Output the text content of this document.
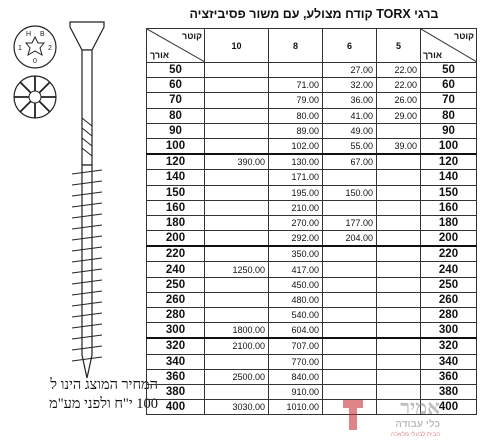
ברגי TORX קודח מצולע, עם משור פסיביזציה
H B
1	2
0
המחיר המוצג הינו ל
100 י"ח ולפני מע"מ
קוטר
אורך	10	8	6	5	קוטר
אורך

50			27.00	22.00	50
60		71.00	32.00	22.00	60
70		79.00	36.00	26.00	70
80		80.00	41.00	29.00	80
90		89.00	49.00		90
100		102.00	55.00	39.00	100
120	390.00	130.00	67.00		120
140		171.00			140
150		195.00	150.00		150
160		210.00			160
180		270.00	177.00		180
200		292.00	204.00		200
220		350.00			220
240	1250.00	417.00			240
250		450.00			250
260		480.00			260
280		540.00			280
300	1800.00	604.00			300
320	2100.00	707.00			320
340		770.00			340
360	2500.00	840.00			360
380		910.00			380
400	3030.00	1010.00			400
אמיר
כלי עבודה
הבית לבעלי מלאכה
